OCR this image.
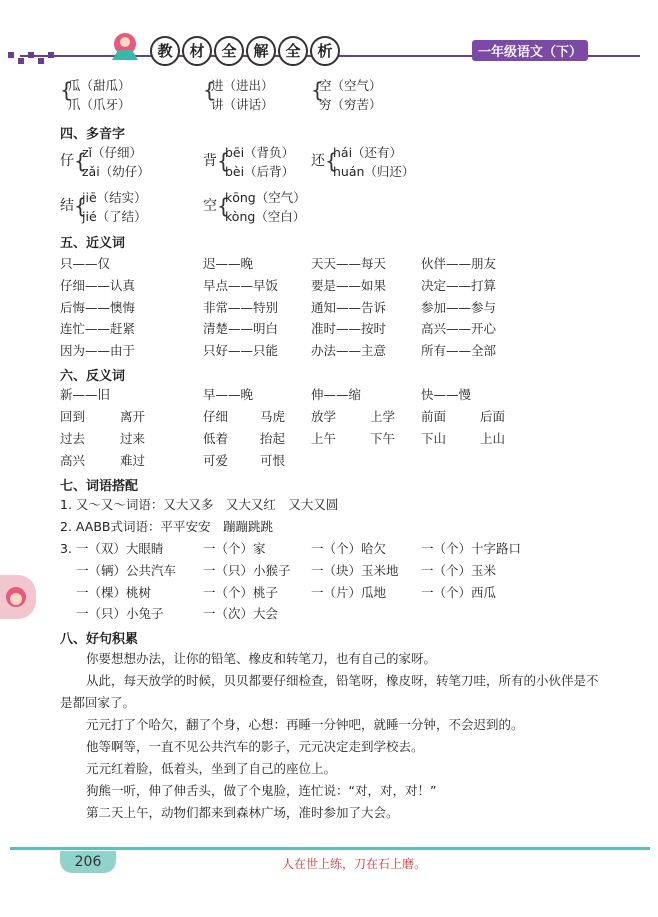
教	材	全	解	全	析	一年级语文（下）
{
瓜（甜瓜）
爪（爪牙）
{
进（进出）
讲（讲话）
{
空（空气）
穷（穷苦）
四、多音字
仔 {
zǐ（仔细）
zǎi（幼仔）
背 {
bēi（背负）
bèi（后背）
还 {
hái（还有）
huán（归还）
结 {
jiē（结实）
jié（了结）
空 {
kōng（空气）
kòng（空白）
五、近义词
只——仅	迟——晚	天天——每天	伙伴——朋友
仔细——认真	早点——早饭	要是——如果	决定——打算
后悔——懊悔	非常——特别	通知——告诉	参加——参与
连忙——赶紧	清楚——明白	准时——按时	高兴——开心
因为——由于	只好——只能	办法——主意	所有——全部
六、反义词
新——旧	早——晚	伸——缩	快——慢
回到	离开	仔细	马虎 放学	上学 前面	后面
过去	过来	低着	抬起 上午	下午 下山	上山
高兴	难过	可爱	可恨
七、词语搭配
1. 又～又～词语：又大又多　又大又红　又大又圆
2. AABB式词语：平平安安　蹦蹦跳跳
3. 一（双）大眼睛	一（个）家	一（个）哈欠	一（个）十字路口
一（辆）公共汽车 一（只）小猴子 一（块）玉米地 一（个）玉米
一（棵）桃树	一（个）桃子	一（片）瓜地	一（个）西瓜
一（只）小兔子	一（次）大会
八、好句积累
你要想想办法，让你的铅笔、橡皮和转笔刀，也有自己的家呀。
从此，每天放学的时候，贝贝都要仔细检查，铅笔呀，橡皮呀，转笔刀哇，所有的小伙伴是不是都回家了。
元元打了个哈欠，翻了个身，心想：再睡一分钟吧，就睡一分钟，不会迟到的。
他等啊等，一直不见公共汽车的影子，元元决定走到学校去。
元元红着脸，低着头，坐到了自己的座位上。
狗熊一听，伸了伸舌头，做了个鬼脸，连忙说：“对，对，对！”
第二天上午，动物们都来到森林广场，准时参加了大会。
206	人在世上练，刀在石上磨。
